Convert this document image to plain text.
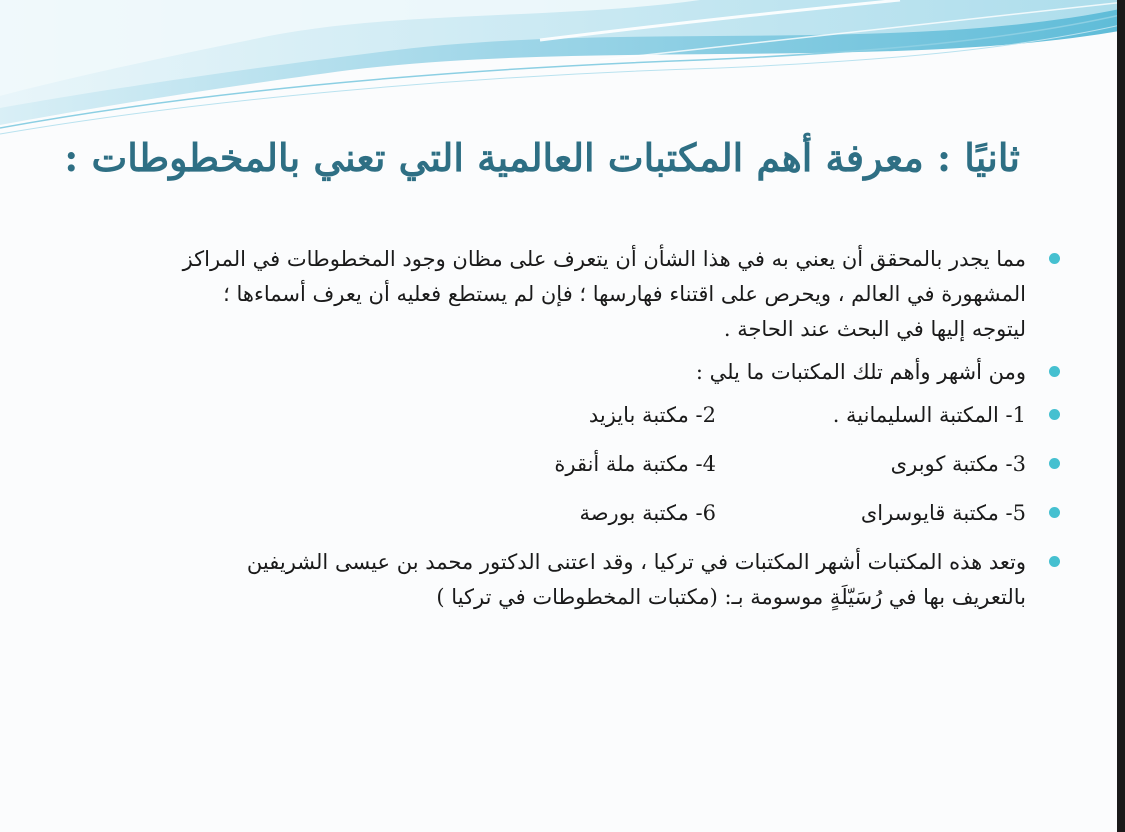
ثانيًا : معرفة أهم المكتبات العالمية التي تعني بالمخطوطات :
مما يجدر بالمحقق أن يعني به في هذا الشأن أن يتعرف على مظان وجود المخطوطات في المراكز
المشهورة في العالم ، ويحرص على اقتناء فهارسها ؛ فإن لم يستطع فعليه أن يعرف أسماءها ؛
ليتوجه إليها في البحث عند الحاجة .
ومن أشهر وأهم تلك المكتبات ما يلي :
1- المكتبة السليمانية .
2- مكتبة بايزيد
3- مكتبة كوبرى
4- مكتبة ملة أنقرة
5- مكتبة قايوسراى
6- مكتبة بورصة
وتعد هذه المكتبات أشهر المكتبات في تركيا ، وقد اعتنى الدكتور محمد بن عيسى الشريفين
بالتعريف بها في رُسَيّلَةٍ موسومة بـ: (مكتبات المخطوطات في تركيا )
